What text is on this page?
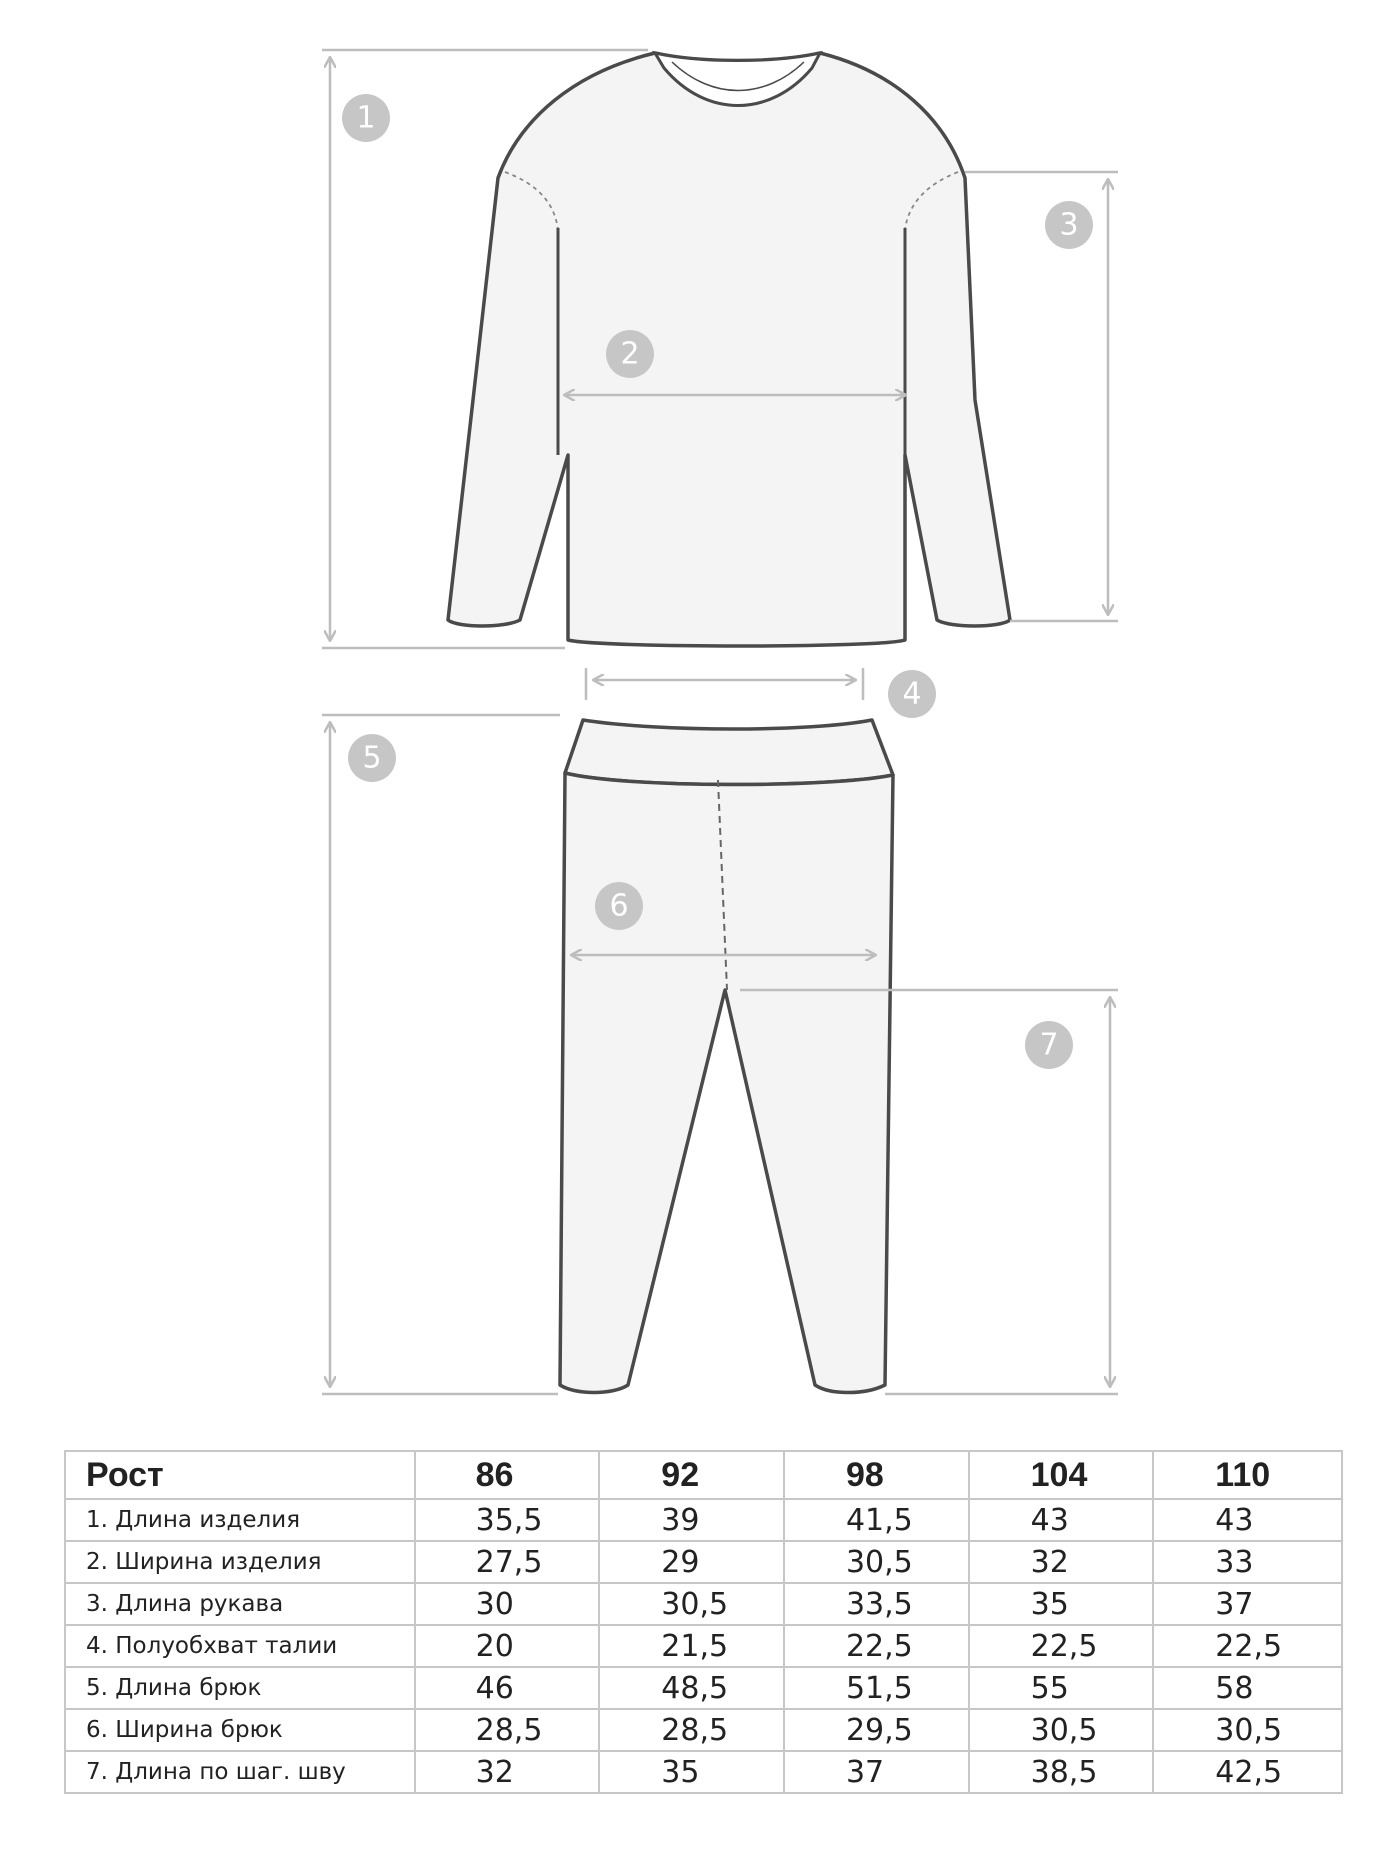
1
2
3
4
5
6
7
Рост	86	92	98	104	110
1. Длина изделия	35,5	39	41,5	43	43
2. Ширина изделия	27,5	29	30,5	32	33
3. Длина рукава	30	30,5	33,5	35	37
4. Полуобхват талии	20	21,5	22,5	22,5	22,5
5. Длина брюк	46	48,5	51,5	55	58
6. Ширина брюк	28,5	28,5	29,5	30,5	30,5
7. Длина по шаг. шву	32	35	37	38,5	42,5
